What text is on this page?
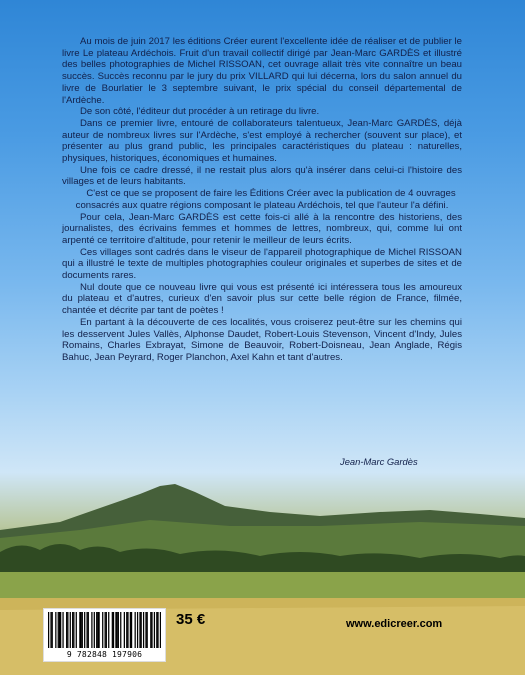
Au mois de juin 2017 les éditions Créer eurent l'excellente idée de réaliser et de publier le livre Le plateau Ardéchois. Fruit d'un travail collectif dirigé par Jean-Marc GARDÈS et illustré des belles photographies de Michel RISSOAN, cet ouvrage allait très vite connaître un beau succès. Succès reconnu par le jury du prix VILLARD qui lui décerna, lors du salon annuel du livre de Bourlatier le 3 septembre suivant, le prix spécial du conseil départemental de l'Ardèche.

De son côté, l'éditeur dut procéder à un retirage du livre.

Dans ce premier livre, entouré de collaborateurs talentueux, Jean-Marc GARDÈS, déjà auteur de nombreux livres sur l'Ardèche, s'est employé à rechercher (souvent sur place), et présenter au plus grand public, les principales caractéristiques du plateau : naturelles, physiques, historiques, économiques et humaines.

Une fois ce cadre dressé, il ne restait plus alors qu'à insérer dans celui-ci l'histoire des villages et de leurs habitants.

C'est ce que se proposent de faire les Éditions Créer avec la publication de 4 ouvrages consacrés aux quatre régions composant le plateau Ardéchois, tel que l'auteur l'a défini.

Pour cela, Jean-Marc GARDÈS est cette fois-ci allé à la rencontre des historiens, des journalistes, des écrivains femmes et hommes de lettres, nombreux, qui, comme lui ont arpenté ce territoire d'altitude, pour retenir le meilleur de leurs écrits.

Ces villages sont cadrés dans le viseur de l'appareil photographique de Michel RISSOAN qui a illustré le texte de multiples photographies couleur originales et superbes de sites et de documents rares.

Nul doute que ce nouveau livre qui vous est présenté ici intéressera tous les amoureux du plateau et d'autres, curieux d'en savoir plus sur cette belle région de France, filmée, chantée et décrite par tant de poètes !

En partant à la découverte de ces localités, vous croiserez peut-être sur les chemins qui les desservent Jules Vallès, Alphonse Daudet, Robert-Louis Stevenson, Vincent d'Indy, Jules Romains, Charles Exbrayat, Simone de Beauvoir, Robert-Doisneau, Jean Anglade, Régis Bahuc, Jean Peyrard, Roger Planchon, Axel Kahn et tant d'autres.

Jean-Marc Gardès
9 782848 197906
35 €	www.edicreer.com
